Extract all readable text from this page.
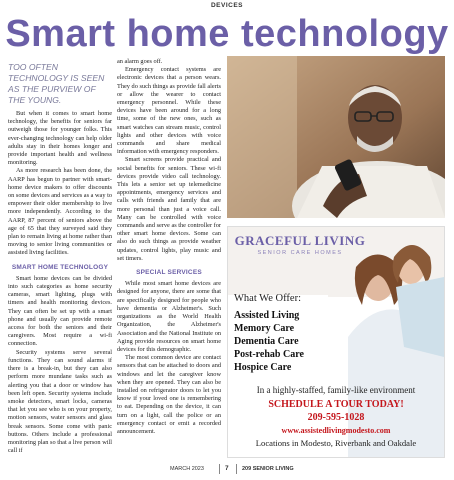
DEVICES
Smart home technology
TOO OFTEN TECHNOLOGY IS SEEN AS THE PURVIEW OF THE YOUNG.

But when it comes to smart home technology, the benefits for seniors far outweigh those for younger folks. This ever-changing technology can help older adults stay in their homes longer and provide important health and wellness monitoring.

As more research has been done, the AARP has begun to partner with smart-home device makers to offer discounts on some devices and services as a way to empower their older membership to live more independently. According to the AARP, 87 percent of seniors above the age of 65 that they surveyed said they plan to remain living at home rather than moving to senior living communities or assisted living facilities.

SMART HOME TECHNOLOGY

Smart home devices can be divided into such categories as home security cameras, smart lighting, plugs with timers and health monitoring devices. They can often be set up with a smart phone and usually can provide remote access for both the seniors and their caregivers. Most require a wi-fi connection.

Security systems serve several functions. They can sound alarms if there is a break-in, but they can also perform more mundane tasks such as alerting you that a door or window has been left open. Security systems include smoke detectors, smart locks, cameras that let you see who is on your property, motion sensors, water sensors and glass break sensors. Some come with panic buttons. Others include a professional monitoring plan so that a live person will call if

an alarm goes off.

Emergency contact systems are electronic devices that a person wears. They do such things as provide fall alerts or allow the wearer to contact emergency personnel. While these devices have been around for a long time, some of the new ones, such as smart watches can stream music, control lights and other devices with voice commands and share medical information with emergency responders.

Smart screens provide practical and social benefits for seniors. These wi-fi devices provide video call technology. This lets a senior set up telemedicine appointments, emergency services and calls with friends and family that are more personal than just a voice call. Many can be controlled with voice commands and serve as the controller for other smart home devices. Some can also do such things as provide weather updates, control lights, play music and set timers.

SPECIAL SERVICES

While most smart home devices are designed for anyone, there are some that are specifically designed for people who have dementia or Alzheimer's. Such organizations as the World Health Organization, the Alzheimer's Association and the National Institute on Aging provide resources on smart home devices for this demographic.

The most common device are contact sensors that can be attached to doors and windows and let the caregiver know when they are opened. They can also be installed on refrigerator doors to let you know if your loved one is remembering to eat. Depending on the device, it can turn on a light, call the police or an emergency contact or emit a recorded announcement.

GRACEFUL LIVING
SENIOR CARE HOMES
What We Offer:
Assisted Living
Memory Care
Dementia Care
Post-rehab Care
Hospice Care
In a highly-staffed, family-like environment
SCHEDULE A TOUR TODAY!
209-595-1028
www.assistedlivingmodesto.com
Locations in Modesto, Riverbank and Oakdale
MARCH 2023	7 209 SENIOR LIVING
